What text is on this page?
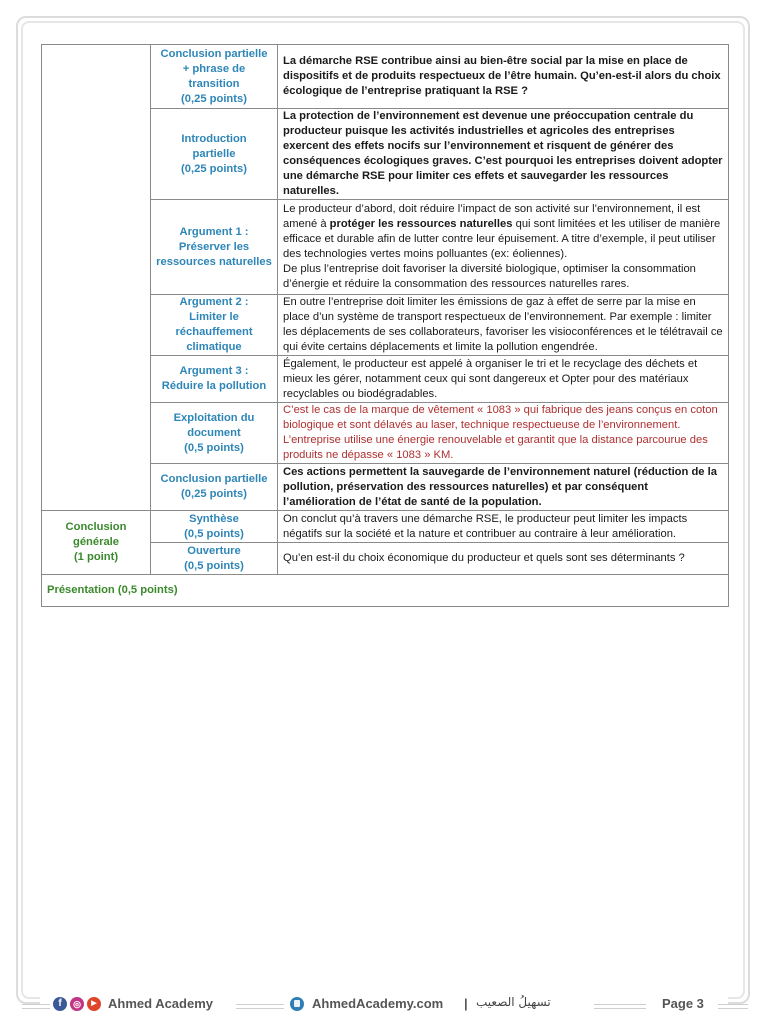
	Conclusion partielle
+ phrase de
transition
(0,25 points)	La démarche RSE contribue ainsi au bien-être social par la mise en place de dispositifs et de produits respectueux de l’être humain. Qu’en-est-il alors du choix écologique de l’entreprise pratiquant la RSE ?
Introduction
partielle
(0,25 points)	La protection de l’environnement est devenue une préoccupation centrale du producteur puisque les activités industrielles et agricoles des entreprises exercent des effets nocifs sur l’environnement et risquent de générer des conséquences écologiques graves. C’est pourquoi les entreprises doivent adopter une démarche RSE pour limiter ces effets et sauvegarder les ressources naturelles.
Argument 1 :
Préserver les
ressources naturelles	Le producteur d’abord, doit réduire l’impact de son activité sur l’environnement, il est amené à protéger les ressources naturelles qui sont limitées et les utiliser de manière efficace et durable afin de lutter contre leur épuisement. A titre d’exemple, il peut utiliser des technologies vertes moins polluantes (ex: éoliennes).
De plus l’entreprise doit favoriser la diversité biologique, optimiser la consommation d’énergie et réduire la consommation des ressources naturelles rares.
Argument 2 :
Limiter le
réchauffement
climatique	En outre l’entreprise doit limiter les émissions de gaz à effet de serre par la mise en place d’un système de transport respectueux de l’environnement. Par exemple : limiter les déplacements de ses collaborateurs, favoriser les visioconférences et le télétravail ce qui évite certains déplacements et limite la pollution engendrée.
	Argument 3 :
Réduire la pollution	Également, le producteur est appelé à organiser le tri et le recyclage des déchets et mieux les gérer, notamment ceux qui sont dangereux et Opter pour des matériaux recyclables ou biodégradables.
Exploitation du
document
(0,5 points)	C’est le cas de la marque de vêtement « 1083 » qui fabrique des jeans conçus en coton biologique et sont délavés au laser, technique respectueuse de l’environnement.
L’entreprise utilise une énergie renouvelable et garantit que la distance parcourue des produits ne dépasse « 1083 » KM.
	Conclusion partielle
(0,25 points)	Ces actions permettent la sauvegarde de l’environnement naturel (réduction de la pollution, préservation des ressources naturelles) et par conséquent l’amélioration de l’état de santé de la population.
Conclusion
générale
(1 point)	Synthèse
(0,5 points)	On conclut qu’à travers une démarche RSE, le producteur peut limiter les impacts négatifs sur la société et la nature et contribuer au contraire à leur amélioration.
	Ouverture
(0,5 points)	Qu’en est-il du choix économique du producteur et quels sont ses déterminants ?
Présentation (0,5 points)		
f	◎	▶ Ahmed Academy	AhmedAcademy.com | تسهيلُ الصعيب	Page 3
